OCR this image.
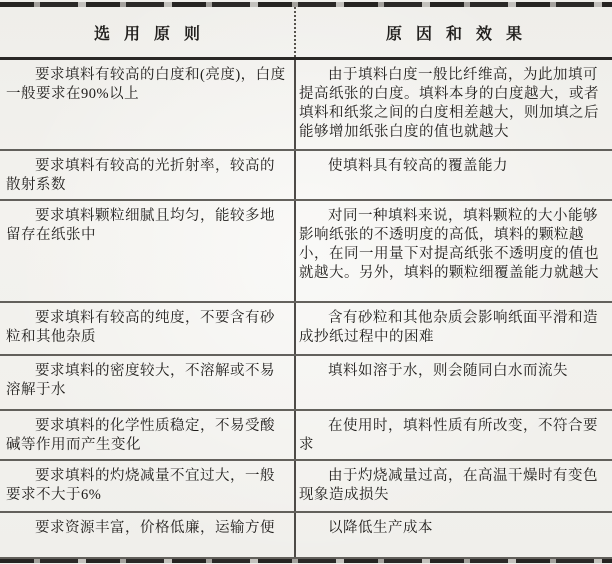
选用原则	原因和效果

要求填料有较高的白度和(亮度)，白度一般要求在90%以上

由于填料白度一般比纤维高，为此加填可提高纸张的白度。填料本身的白度越大，或者填料和纸浆之间的白度相差越大，则加填之后能够增加纸张白度的值也就越大

要求填料有较高的光折射率，较高的散射系数

使填料具有较高的覆盖能力

要求填料颗粒细腻且均匀，能较多地留存在纸张中

对同一种填料来说，填料颗粒的大小能够影响纸张的不透明度的高低，填料的颗粒越小，在同一用量下对提高纸张不透明度的值也就越大。另外，填料的颗粒细覆盖能力就越大

要求填料有较高的纯度，不要含有砂粒和其他杂质

含有砂粒和其他杂质会影响纸面平滑和造成抄纸过程中的困难

要求填料的密度较大，不溶解或不易溶解于水

填料如溶于水，则会随同白水而流失

要求填料的化学性质稳定，不易受酸碱等作用而产生变化

在使用时，填料性质有所改变，不符合要求

要求填料的灼烧减量不宜过大，一般要求不大于6%

由于灼烧减量过高，在高温干燥时有变色现象造成损失

要求资源丰富，价格低廉，运输方便	以降低生产成本
